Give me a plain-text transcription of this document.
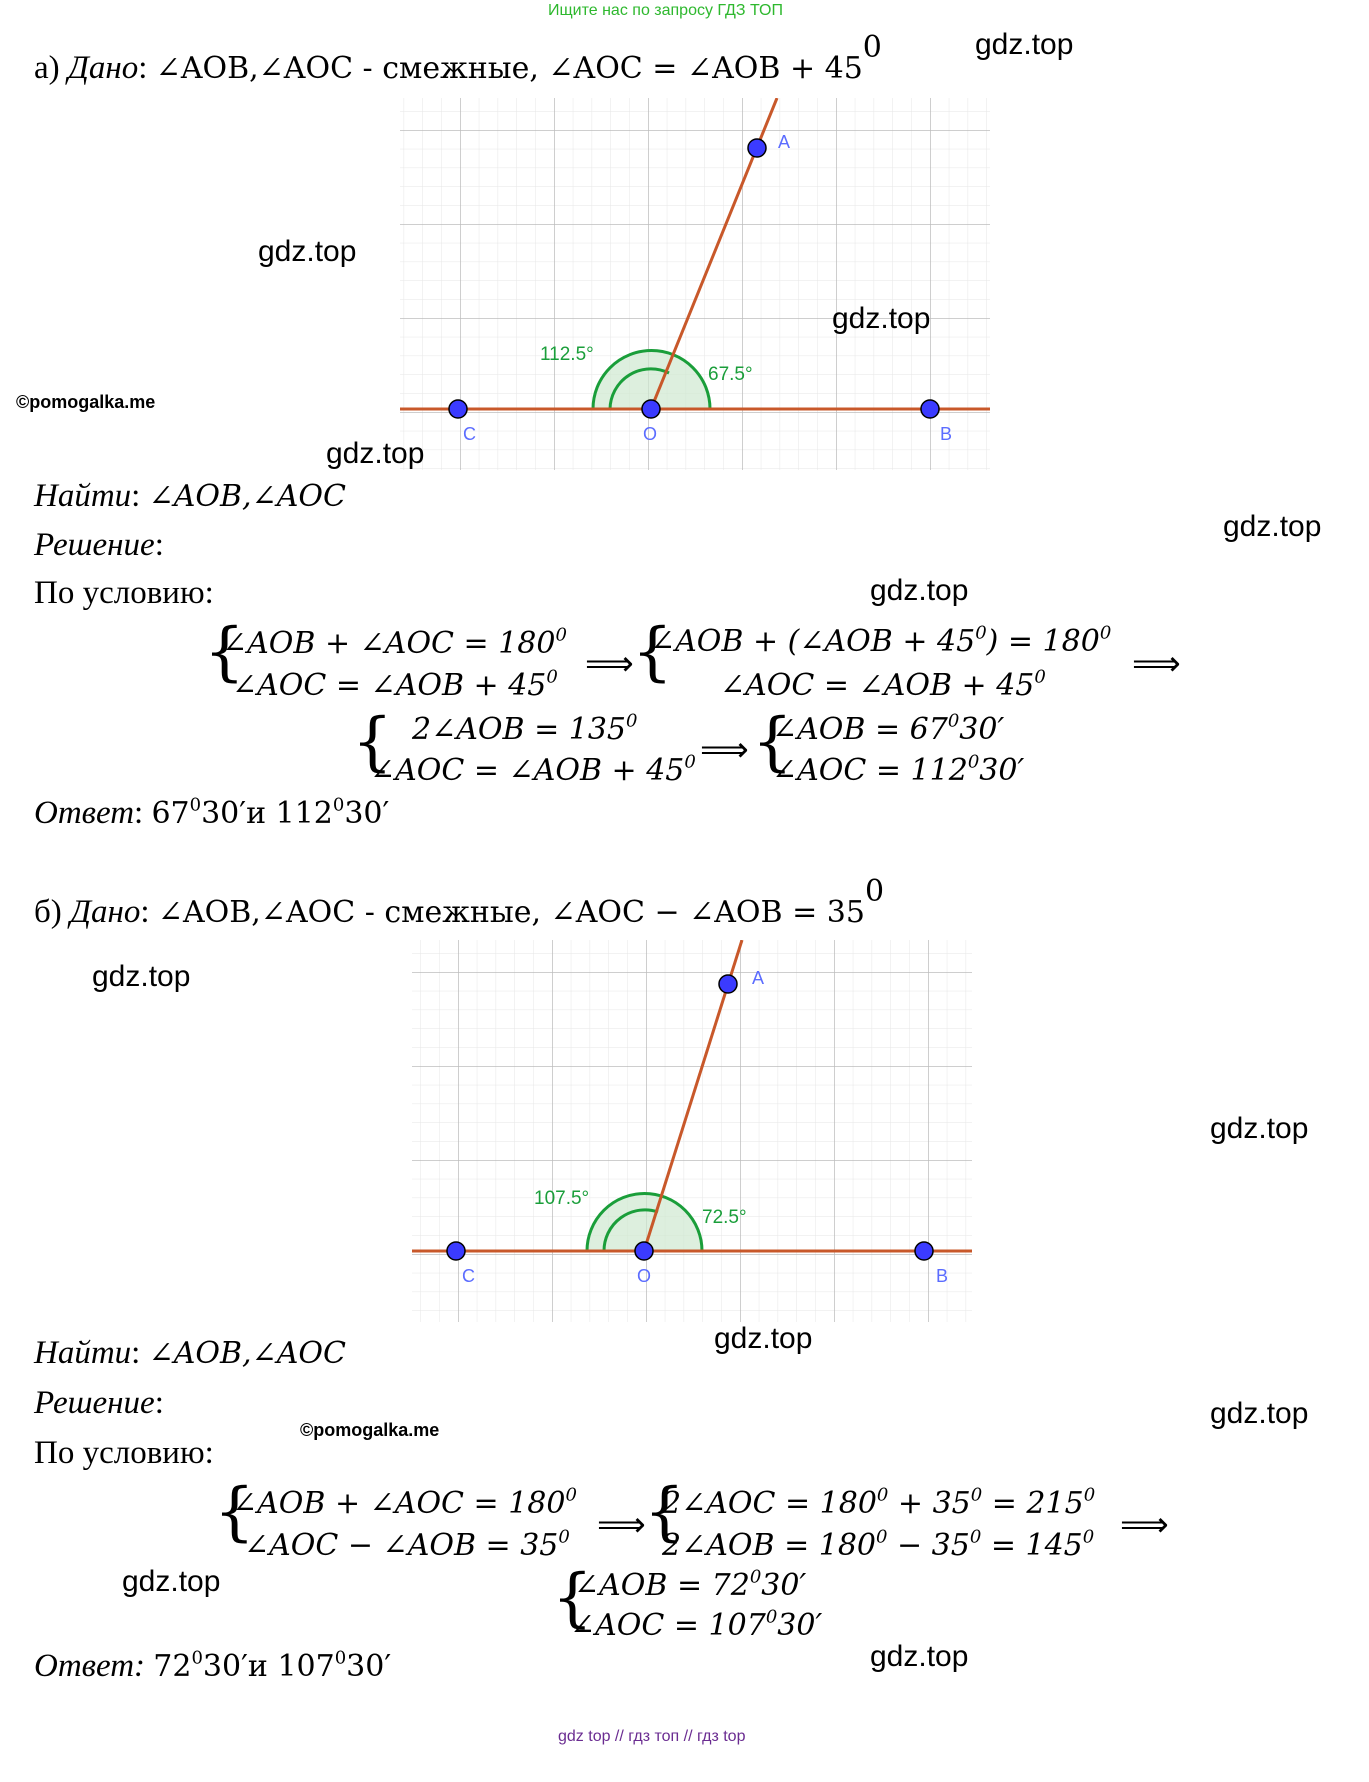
Ищите нас по запросу ГДЗ ТОП
а) Дано: ∠AOB,∠AOC - смежные, ∠AOC = ∠AOB + $45^0$	gdz.top
A
C	O	B
112.5°
67.5°
gdz.top
gdz.top
©pomogalka.me
gdz.top
Найти: ∠AOB,∠AOC
gdz.top
Решение:
По условию:	gdz.top
{
∠AOB + ∠AOC = $180^0$
∠AOC = ∠AOB + $45^0$ ⟹
{
∠AOB + (∠AOB + $45^0) = 180^0$
∠AOC = ∠AOB + $45^0$	⟹
{ 2∠AOB = $135^0$
∠AOC = ∠AOB + $45^0$ ⟹ {
∠AOB = $67^030'$
∠AOC = $112^030'$
Ответ: $67^030'и$ $112^030'$
б) Дано: ∠AOB,∠AOC - смежные, ∠AOC − ∠AOB = $35^0$
gdz.top	A
C	O	B
107.5°
72.5°
gdz.top
gdz.top
Найти: ∠AOB,∠AOC
Решение:	gdz.top
©pomogalka.me
По условию:
{
∠AOB + ∠AOC = $180^0$
∠AOC − ∠AOB = $35^0$ ⟹
{
2∠AOC = $180^0 + 35^0 = 215^0$
2∠AOB = $180^0 - 35^0 = 145^0$ ⟹
gdz.top	{
∠AOB = $72^030'$
∠AOC = $107^030'$
Ответ: $72^030'и$ $107^030'$	gdz.top
gdz top // гдз топ // гдз top
